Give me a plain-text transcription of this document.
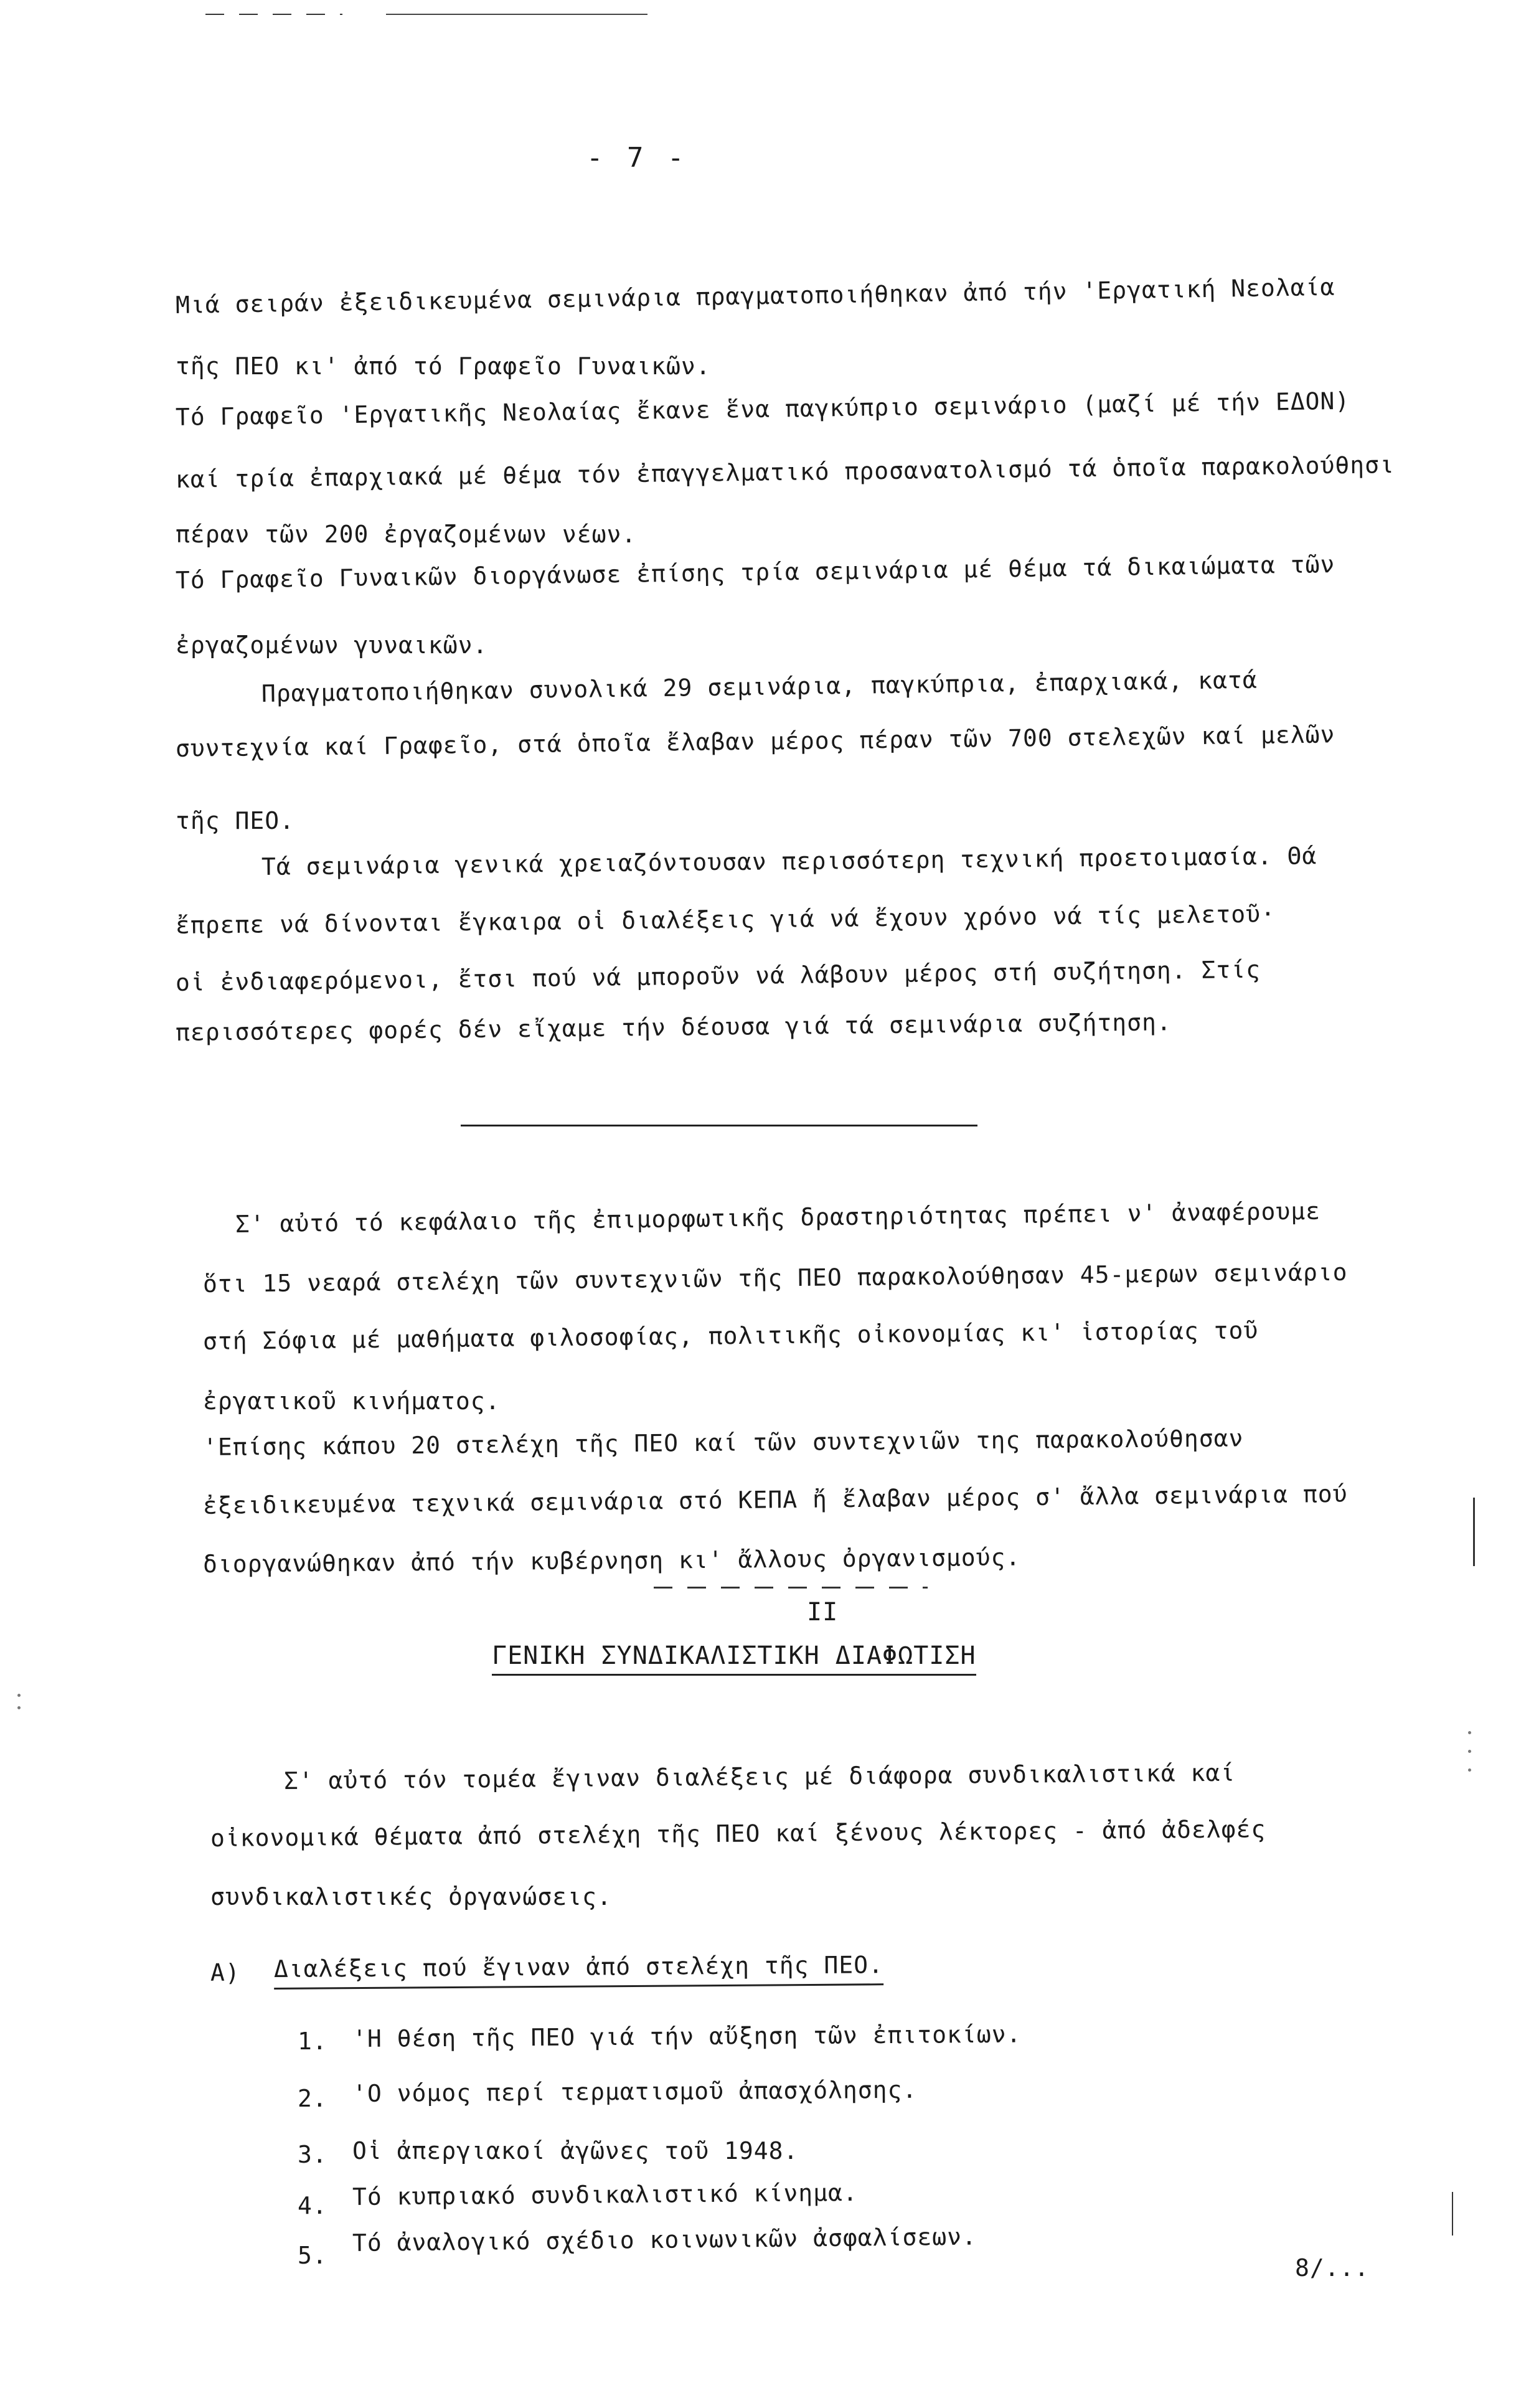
- 7 -
Μιά σειράν ἐξειδικευμένα σεμινάρια πραγματοποιήθηκαν ἀπό τήν 'Εργατική Νεολαία
τῆς ΠΕΟ κι' ἀπό τό Γραφεῖο Γυναικῶν.
Τό Γραφεῖο 'Εργατικῆς Νεολαίας ἔκανε ἕνα παγκύπριο σεμινάριο (μαζί μέ τήν ΕΔΟΝ)
καί τρία ἐπαρχιακά μέ θέμα τόν ἐπαγγελματικό προσανατολισμό τά ὁποῖα παρακολούθησι
πέραν τῶν 200 ἐργαζομένων νέων.
Τό Γραφεῖο Γυναικῶν διοργάνωσε ἐπίσης τρία σεμινάρια μέ θέμα τά δικαιώματα τῶν
ἐργαζομένων γυναικῶν.
Πραγματοποιήθηκαν συνολικά 29 σεμινάρια, παγκύπρια, ἐπαρχιακά, κατά
συντεχνία καί Γραφεῖο, στά ὁποῖα ἔλαβαν μέρος πέραν τῶν 700 στελεχῶν καί μελῶν
τῆς ΠΕΟ.
Τά σεμινάρια γενικά χρειαζόντουσαν περισσότερη τεχνική προετοιμασία. Θά
ἔπρεπε νά δίνονται ἔγκαιρα οἱ διαλέξεις γιά νά ἔχουν χρόνο νά τίς μελετοῦ·
οἱ ἐνδιαφερόμενοι, ἔτσι πού νά μποροῦν νά λάβουν μέρος στή συζήτηση. Στίς
περισσότερες φορές δέν εἴχαμε τήν δέουσα γιά τά σεμινάρια συζήτηση.
Σ' αὐτό τό κεφάλαιο τῆς ἐπιμορφωτικῆς δραστηριότητας πρέπει ν' ἀναφέρουμε
ὅτι 15 νεαρά στελέχη τῶν συντεχνιῶν τῆς ΠΕΟ παρακολούθησαν 45-μερων σεμινάριο
στή Σόφια μέ μαθήματα φιλοσοφίας, πολιτικῆς οἰκονομίας κι' ἱστορίας τοῦ
ἐργατικοῦ κινήματος.
'Επίσης κάπου 20 στελέχη τῆς ΠΕΟ καί τῶν συντεχνιῶν της παρακολούθησαν
ἐξειδικευμένα τεχνικά σεμινάρια στό ΚΕΠΑ ἤ ἔλαβαν μέρος σ' ἄλλα σεμινάρια πού
διοργανώθηκαν ἀπό τήν κυβέρνηση κι' ἄλλους ὀργανισμούς.
II
ΓΕΝΙΚΗ ΣΥΝΔΙΚΑΛΙΣΤΙΚΗ ΔΙΑΦΩΤΙΣΗ
Σ' αὐτό τόν τομέα ἔγιναν διαλέξεις μέ διάφορα συνδικαλιστικά καί
οἰκονομικά θέματα ἀπό στελέχη τῆς ΠΕΟ καί ξένους λέκτορες - ἀπό ἀδελφές
συνδικαλιστικές ὀργανώσεις.
Α) Διαλέξεις πού ἔγιναν ἀπό στελέχη τῆς ΠΕΟ.
1. 'Η θέση τῆς ΠΕΟ γιά τήν αὔξηση τῶν ἐπιτοκίων.
2. 'Ο νόμος περί τερματισμοῦ ἀπασχόλησης.
3. Οἱ ἀπεργιακοί ἀγῶνες τοῦ 1948.
4. Τό κυπριακό συνδικαλιστικό κίνημα.
5. Τό ἀναλογικό σχέδιο κοινωνικῶν ἀσφαλίσεων.
8/...
